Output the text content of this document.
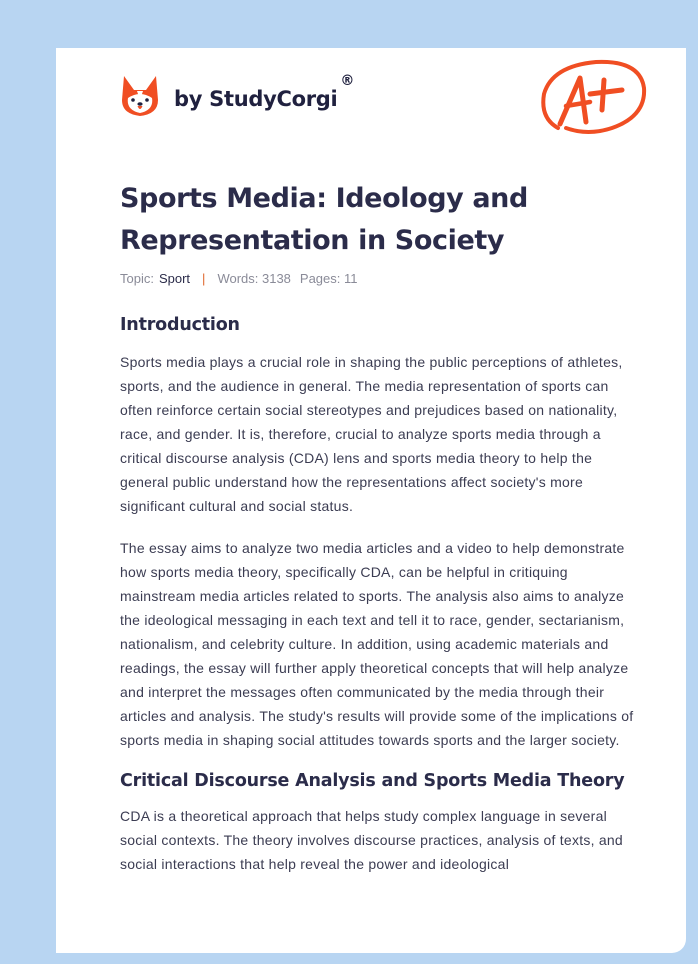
by StudyCorgi®
Sports Media: Ideology and Representation in Society
Topic: Sport | Words: 3138 Pages: 11
Introduction

Sports media plays a crucial role in shaping the public perceptions of athletes, sports, and the audience in general. The media representation of sports can often reinforce certain social stereotypes and prejudices based on nationality, race, and gender. It is, therefore, crucial to analyze sports media through a critical discourse analysis (CDA) lens and sports media theory to help the general public understand how the representations affect society's more significant cultural and social status.

The essay aims to analyze two media articles and a video to help demonstrate how sports media theory, specifically CDA, can be helpful in critiquing mainstream media articles related to sports. The analysis also aims to analyze the ideological messaging in each text and tell it to race, gender, sectarianism, nationalism, and celebrity culture. In addition, using academic materials and readings, the essay will further apply theoretical concepts that will help analyze and interpret the messages often communicated by the media through their articles and analysis. The study's results will provide some of the implications of sports media in shaping social attitudes towards sports and the larger society.

Critical Discourse Analysis and Sports Media Theory

CDA is a theoretical approach that helps study complex language in several social contexts. The theory involves discourse practices, analysis of texts, and social interactions that help reveal the power and ideological
